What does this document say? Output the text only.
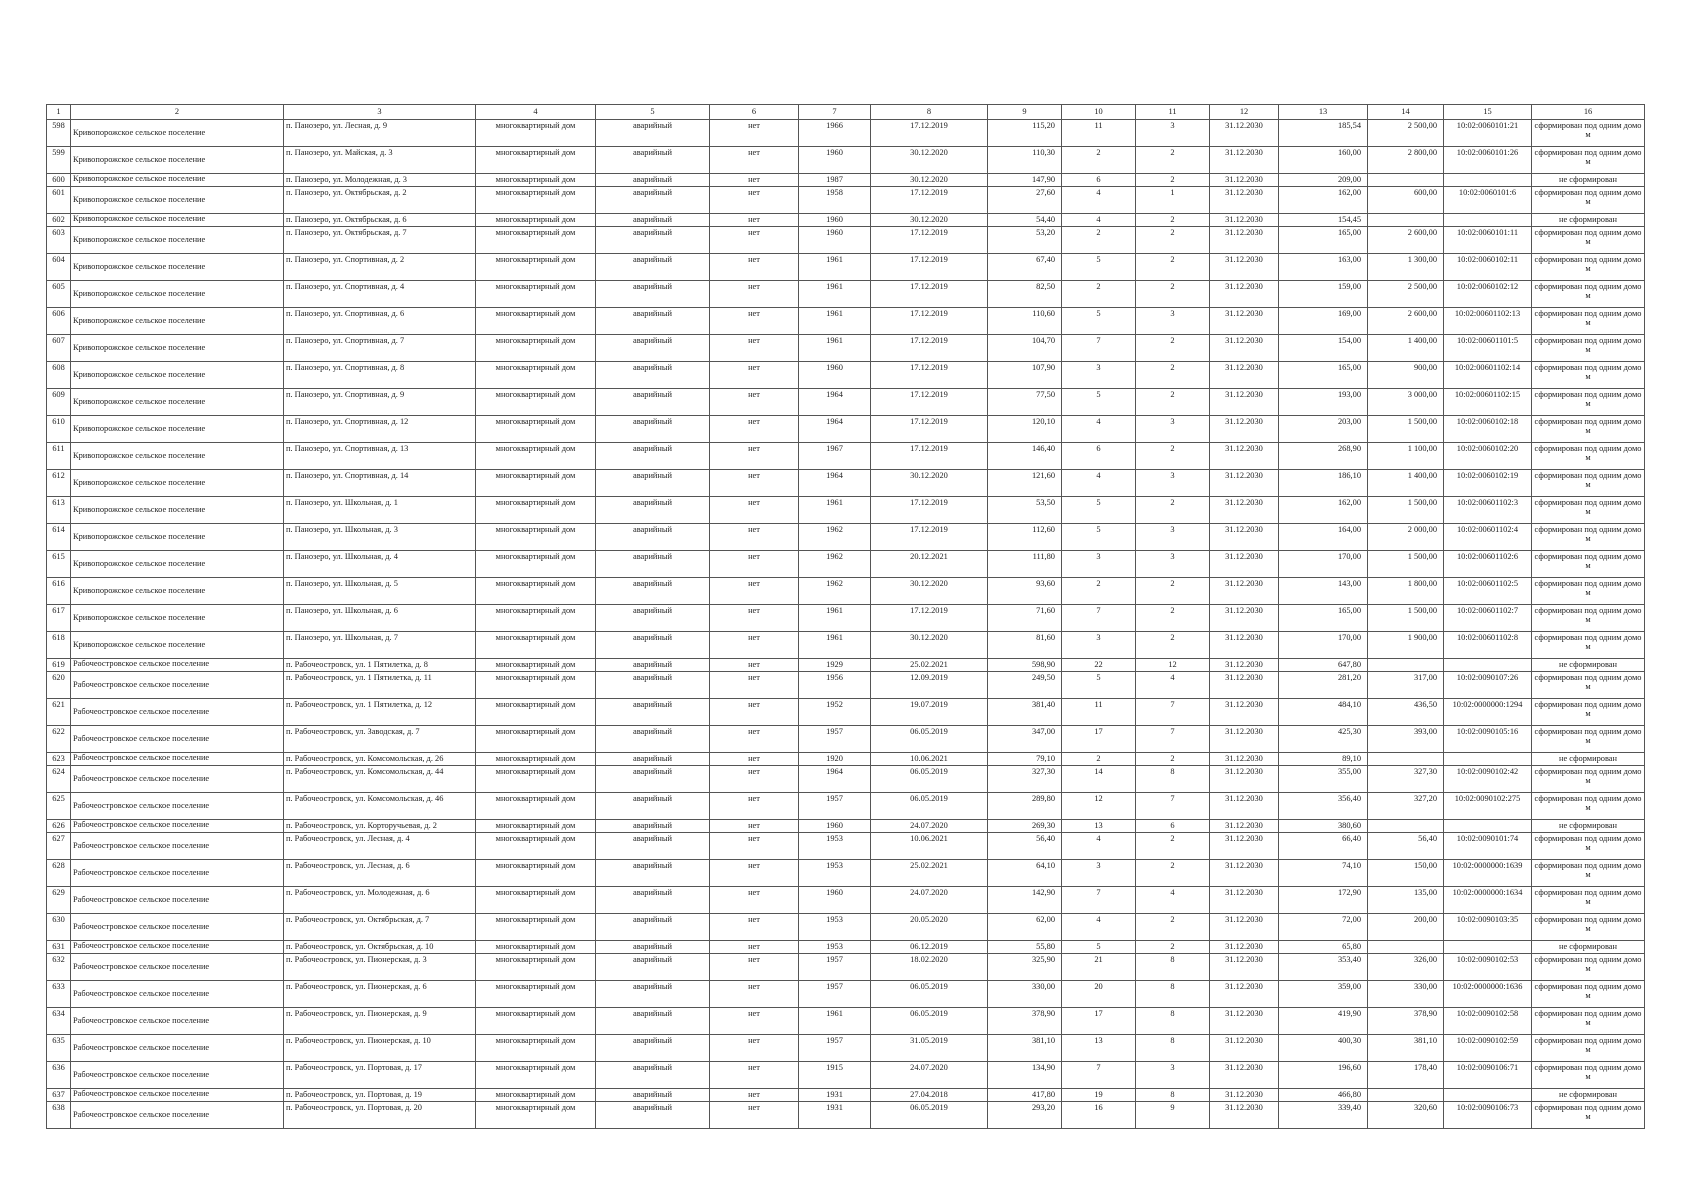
1	2	3	4	5	6	7	8	9	10	11	12	13	14	15	16
598	Кривопорожское сельское поселение	п. Панозеро, ул. Лесная, д. 9	многоквартирный дом	аварийный	нет	1966	17.12.2019	115,20	11	3	31.12.2030	185,54	2 500,00	10:02:0060101:21	сформирован под одним домом
599	Кривопорожское сельское поселение	п. Панозеро, ул. Майская, д. 3	многоквартирный дом	аварийный	нет	1960	30.12.2020	110,30	2	2	31.12.2030	160,00	2 800,00	10:02:0060101:26	сформирован под одним домом
600	Кривопорожское сельское поселение	п. Панозеро, ул. Молодежная, д. 3	многоквартирный дом	аварийный	нет	1987	30.12.2020	147,90	6	2	31.12.2030	209,00			не сформирован
601	Кривопорожское сельское поселение	п. Панозеро, ул. Октябрьская, д. 2	многоквартирный дом	аварийный	нет	1958	17.12.2019	27,60	4	1	31.12.2030	162,00	600,00	10:02:0060101:6	сформирован под одним домом
602	Кривопорожское сельское поселение	п. Панозеро, ул. Октябрьская, д. 6	многоквартирный дом	аварийный	нет	1960	30.12.2020	54,40	4	2	31.12.2030	154,45			не сформирован
603	Кривопорожское сельское поселение	п. Панозеро, ул. Октябрьская, д. 7	многоквартирный дом	аварийный	нет	1960	17.12.2019	53,20	2	2	31.12.2030	165,00	2 600,00	10:02:0060101:11	сформирован под одним домом
604	Кривопорожское сельское поселение	п. Панозеро, ул. Спортивная, д. 2	многоквартирный дом	аварийный	нет	1961	17.12.2019	67,40	5	2	31.12.2030	163,00	1 300,00	10:02:0060102:11	сформирован под одним домом
605	Кривопорожское сельское поселение	п. Панозеро, ул. Спортивная, д. 4	многоквартирный дом	аварийный	нет	1961	17.12.2019	82,50	2	2	31.12.2030	159,00	2 500,00	10:02:0060102:12	сформирован под одним домом
606	Кривопорожское сельское поселение	п. Панозеро, ул. Спортивная, д. 6	многоквартирный дом	аварийный	нет	1961	17.12.2019	110,60	5	3	31.12.2030	169,00	2 600,00	10:02:00601102:13	сформирован под одним домом
607	Кривопорожское сельское поселение	п. Панозеро, ул. Спортивная, д. 7	многоквартирный дом	аварийный	нет	1961	17.12.2019	104,70	7	2	31.12.2030	154,00	1 400,00	10:02:00601101:5	сформирован под одним домом
608	Кривопорожское сельское поселение	п. Панозеро, ул. Спортивная, д. 8	многоквартирный дом	аварийный	нет	1960	17.12.2019	107,90	3	2	31.12.2030	165,00	900,00	10:02:00601102:14	сформирован под одним домом
609	Кривопорожское сельское поселение	п. Панозеро, ул. Спортивная, д. 9	многоквартирный дом	аварийный	нет	1964	17.12.2019	77,50	5	2	31.12.2030	193,00	3 000,00	10:02:00601102:15	сформирован под одним домом
610	Кривопорожское сельское поселение	п. Панозеро, ул. Спортивная, д. 12	многоквартирный дом	аварийный	нет	1964	17.12.2019	120,10	4	3	31.12.2030	203,00	1 500,00	10:02:0060102:18	сформирован под одним домом
611	Кривопорожское сельское поселение	п. Панозеро, ул. Спортивная, д. 13	многоквартирный дом	аварийный	нет	1967	17.12.2019	146,40	6	2	31.12.2030	268,90	1 100,00	10:02:0060102:20	сформирован под одним домом
612	Кривопорожское сельское поселение	п. Панозеро, ул. Спортивная, д. 14	многоквартирный дом	аварийный	нет	1964	30.12.2020	121,60	4	3	31.12.2030	186,10	1 400,00	10:02:0060102:19	сформирован под одним домом
613	Кривопорожское сельское поселение	п. Панозеро, ул. Школьная, д. 1	многоквартирный дом	аварийный	нет	1961	17.12.2019	53,50	5	2	31.12.2030	162,00	1 500,00	10:02:00601102:3	сформирован под одним домом
614	Кривопорожское сельское поселение	п. Панозеро, ул. Школьная, д. 3	многоквартирный дом	аварийный	нет	1962	17.12.2019	112,60	5	3	31.12.2030	164,00	2 000,00	10:02:00601102:4	сформирован под одним домом
615	Кривопорожское сельское поселение	п. Панозеро, ул. Школьная, д. 4	многоквартирный дом	аварийный	нет	1962	20.12.2021	111,80	3	3	31.12.2030	170,00	1 500,00	10:02:00601102:6	сформирован под одним домом
616	Кривопорожское сельское поселение	п. Панозеро, ул. Школьная, д. 5	многоквартирный дом	аварийный	нет	1962	30.12.2020	93,60	2	2	31.12.2030	143,00	1 800,00	10:02:00601102:5	сформирован под одним домом
617	Кривопорожское сельское поселение	п. Панозеро, ул. Школьная, д. 6	многоквартирный дом	аварийный	нет	1961	17.12.2019	71,60	7	2	31.12.2030	165,00	1 500,00	10:02:00601102:7	сформирован под одним домом
618	Кривопорожское сельское поселение	п. Панозеро, ул. Школьная, д. 7	многоквартирный дом	аварийный	нет	1961	30.12.2020	81,60	3	2	31.12.2030	170,00	1 900,00	10:02:00601102:8	сформирован под одним домом
619	Рабочеостровское сельское поселение	п. Рабочеостровск, ул. 1 Пятилетка, д. 8	многоквартирный дом	аварийный	нет	1929	25.02.2021	598,90	22	12	31.12.2030	647,80			не сформирован
620	Рабочеостровское сельское поселение	п. Рабочеостровск, ул. 1 Пятилетка, д. 11	многоквартирный дом	аварийный	нет	1956	12.09.2019	249,50	5	4	31.12.2030	281,20	317,00	10:02:0090107:26	сформирован под одним домом
621	Рабочеостровское сельское поселение	п. Рабочеостровск, ул. 1 Пятилетка, д. 12	многоквартирный дом	аварийный	нет	1952	19.07.2019	381,40	11	7	31.12.2030	484,10	436,50	10:02:0000000:1294	сформирован под одним домом
622	Рабочеостровское сельское поселение	п. Рабочеостровск, ул. Заводская, д. 7	многоквартирный дом	аварийный	нет	1957	06.05.2019	347,00	17	7	31.12.2030	425,30	393,00	10:02:0090105:16	сформирован под одним домом
623	Рабочеостровское сельское поселение	п. Рабочеостровск, ул. Комсомольская, д. 26	многоквартирный дом	аварийный	нет	1920	10.06.2021	79,10	2	2	31.12.2030	89,10			не сформирован
624	Рабочеостровское сельское поселение	п. Рабочеостровск, ул. Комсомольская, д. 44	многоквартирный дом	аварийный	нет	1964	06.05.2019	327,30	14	8	31.12.2030	355,00	327,30	10:02:0090102:42	сформирован под одним домом
625	Рабочеостровское сельское поселение	п. Рабочеостровск, ул. Комсомольская, д. 46	многоквартирный дом	аварийный	нет	1957	06.05.2019	289,80	12	7	31.12.2030	356,40	327,20	10:02:0090102:275	сформирован под одним домом
626	Рабочеостровское сельское поселение	п. Рабочеостровск, ул. Корторучьевая, д. 2	многоквартирный дом	аварийный	нет	1960	24.07.2020	269,30	13	6	31.12.2030	380,60			не сформирован
627	Рабочеостровское сельское поселение	п. Рабочеостровск, ул. Лесная, д. 4	многоквартирный дом	аварийный	нет	1953	10.06.2021	56,40	4	2	31.12.2030	66,40	56,40	10:02:0090101:74	сформирован под одним домом
628	Рабочеостровское сельское поселение	п. Рабочеостровск, ул. Лесная, д. 6	многоквартирный дом	аварийный	нет	1953	25.02.2021	64,10	3	2	31.12.2030	74,10	150,00	10:02:0000000:1639	сформирован под одним домом
629	Рабочеостровское сельское поселение	п. Рабочеостровск, ул. Молодежная, д. 6	многоквартирный дом	аварийный	нет	1960	24.07.2020	142,90	7	4	31.12.2030	172,90	135,00	10:02:0000000:1634	сформирован под одним домом
630	Рабочеостровское сельское поселение	п. Рабочеостровск, ул. Октябрьская, д. 7	многоквартирный дом	аварийный	нет	1953	20.05.2020	62,00	4	2	31.12.2030	72,00	200,00	10:02:0090103:35	сформирован под одним домом
631	Рабочеостровское сельское поселение	п. Рабочеостровск, ул. Октябрьская, д. 10	многоквартирный дом	аварийный	нет	1953	06.12.2019	55,80	5	2	31.12.2030	65,80			не сформирован
632	Рабочеостровское сельское поселение	п. Рабочеостровск, ул. Пионерская, д. 3	многоквартирный дом	аварийный	нет	1957	18.02.2020	325,90	21	8	31.12.2030	353,40	326,00	10:02:0090102:53	сформирован под одним домом
633	Рабочеостровское сельское поселение	п. Рабочеостровск, ул. Пионерская, д. 6	многоквартирный дом	аварийный	нет	1957	06.05.2019	330,00	20	8	31.12.2030	359,00	330,00	10:02:0000000:1636	сформирован под одним домом
634	Рабочеостровское сельское поселение	п. Рабочеостровск, ул. Пионерская, д. 9	многоквартирный дом	аварийный	нет	1961	06.05.2019	378,90	17	8	31.12.2030	419,90	378,90	10:02:0090102:58	сформирован под одним домом
635	Рабочеостровское сельское поселение	п. Рабочеостровск, ул. Пионерская, д. 10	многоквартирный дом	аварийный	нет	1957	31.05.2019	381,10	13	8	31.12.2030	400,30	381,10	10:02:0090102:59	сформирован под одним домом
636	Рабочеостровское сельское поселение	п. Рабочеостровск, ул. Портовая, д. 17	многоквартирный дом	аварийный	нет	1915	24.07.2020	134,90	7	3	31.12.2030	196,60	178,40	10:02:0090106:71	сформирован под одним домом
637	Рабочеостровское сельское поселение	п. Рабочеостровск, ул. Портовая, д. 19	многоквартирный дом	аварийный	нет	1931	27.04.2018	417,80	19	8	31.12.2030	466,80			не сформирован
638	Рабочеостровское сельское поселение	п. Рабочеостровск, ул. Портовая, д. 20	многоквартирный дом	аварийный	нет	1931	06.05.2019	293,20	16	9	31.12.2030	339,40	320,60	10:02:0090106:73	сформирован под одним домом
